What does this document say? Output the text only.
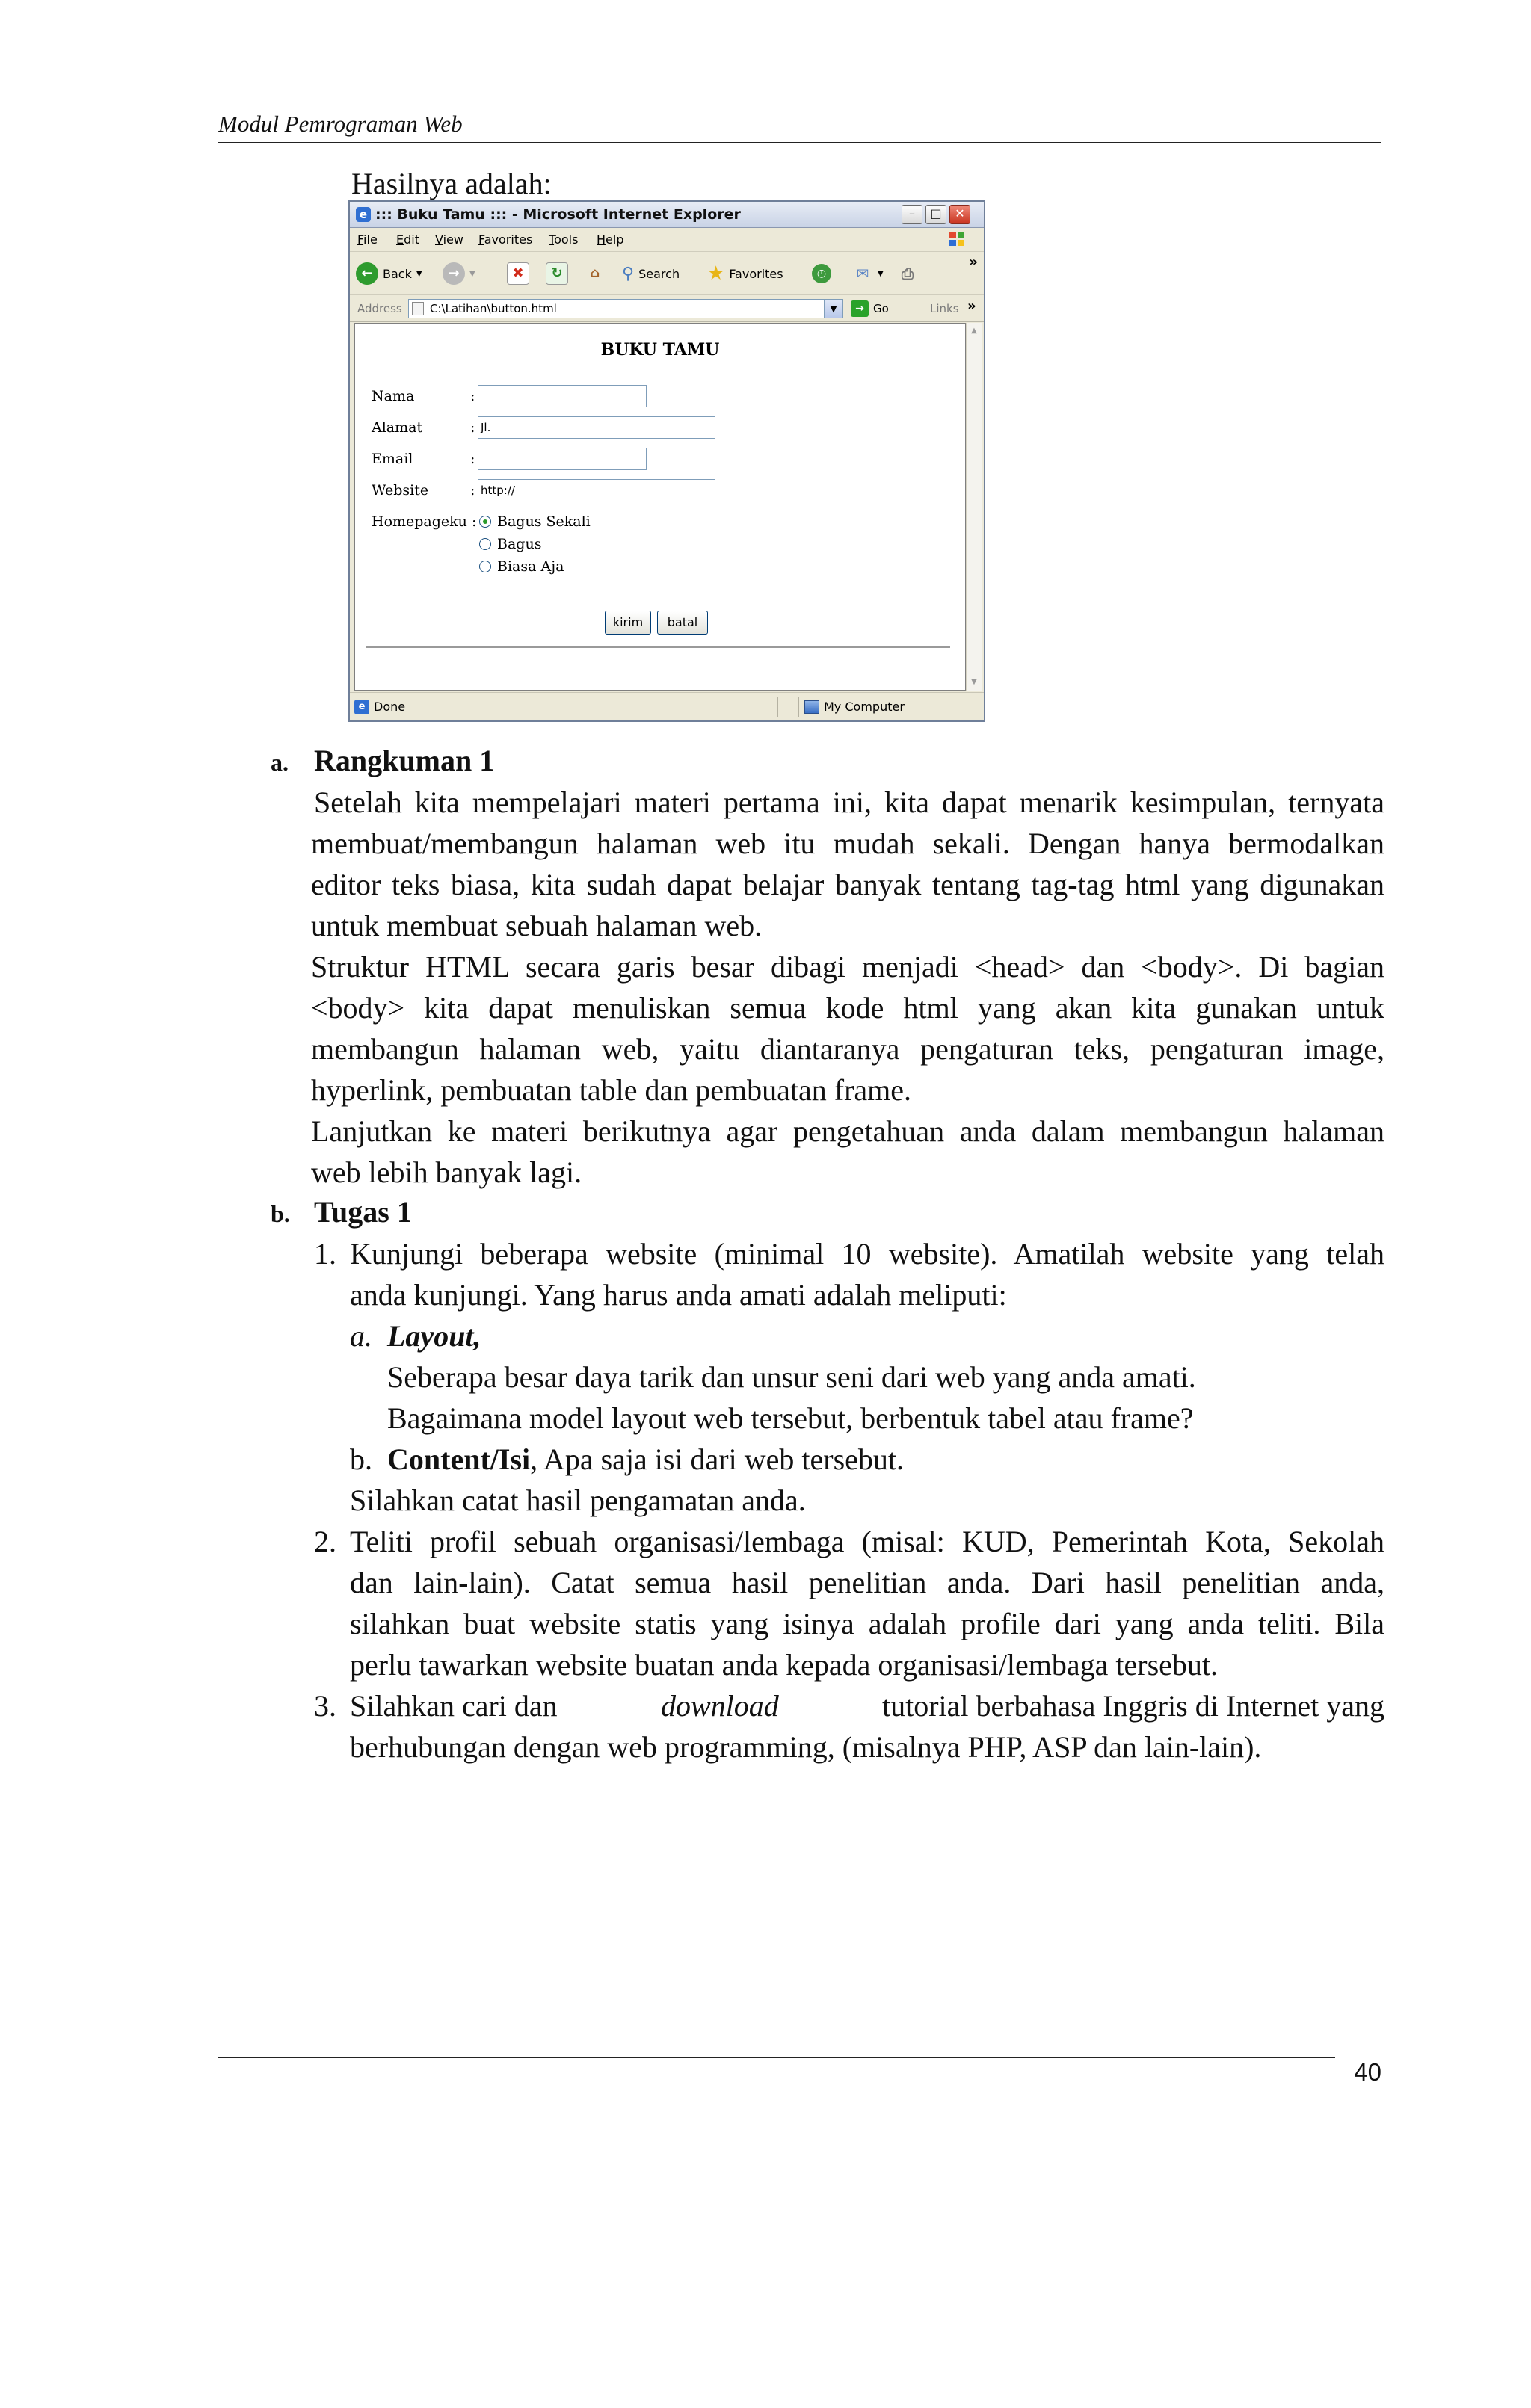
Modul Pemrograman Web
Hasilnya adalah:
e ::: Buku Tamu ::: - Microsoft Internet Explorer	–	□	✕
File Edit View Favorites Tools Help
← Back ▼	→	▼	✖	↻	⌂	⚲ Search ★ Favorites	◷	✉	▼	⎙
»
Address C:\Latihan\button.html	▼	→ Go	Links »
BUKU TAMU
Nama	:
Alamat	: Jl.
Email	:
Website	: http://
Homepageku : Bagus Sekali
Bagus
Biasa Aja
kirim	batal
▲
▼
e Done	My Computer
a. Rangkuman 1
Setelah kita mempelajari materi pertama ini, kita dapat menarik kesimpulan, ternyata
membuat/membangun halaman web itu mudah sekali. Dengan hanya bermodalkan
editor teks biasa, kita sudah dapat belajar banyak tentang tag-tag html yang digunakan
untuk membuat sebuah halaman web.
Struktur HTML secara garis besar dibagi menjadi <head> dan <body>. Di bagian
<body> kita dapat menuliskan semua kode html yang akan kita gunakan untuk
membangun halaman web, yaitu diantaranya pengaturan teks, pengaturan image,
hyperlink, pembuatan table dan pembuatan frame.
Lanjutkan ke materi berikutnya agar pengetahuan anda dalam membangun halaman
web lebih banyak lagi.
b. Tugas 1
1. Kunjungi beberapa website (minimal 10 website). Amatilah website yang telah
anda kunjungi. Yang harus anda amati adalah meliputi:
a. Layout,
Seberapa besar daya tarik dan unsur seni dari web yang anda amati.
Bagaimana model layout web tersebut, berbentuk tabel atau frame?
b. Content/Isi, Apa saja isi dari web tersebut.
Silahkan catat hasil pengamatan anda.
2. Teliti profil sebuah organisasi/lembaga (misal: KUD, Pemerintah Kota, Sekolah
dan lain-lain). Catat semua hasil penelitian anda. Dari hasil penelitian anda,
silahkan buat website statis yang isinya adalah profile dari yang anda teliti. Bila
perlu tawarkan website buatan anda kepada organisasi/lembaga tersebut.
3. Silahkan cari dan	download	tutorial berbahasa Inggris di Internet yang
berhubungan dengan web programming, (misalnya PHP, ASP dan lain-lain).
40
